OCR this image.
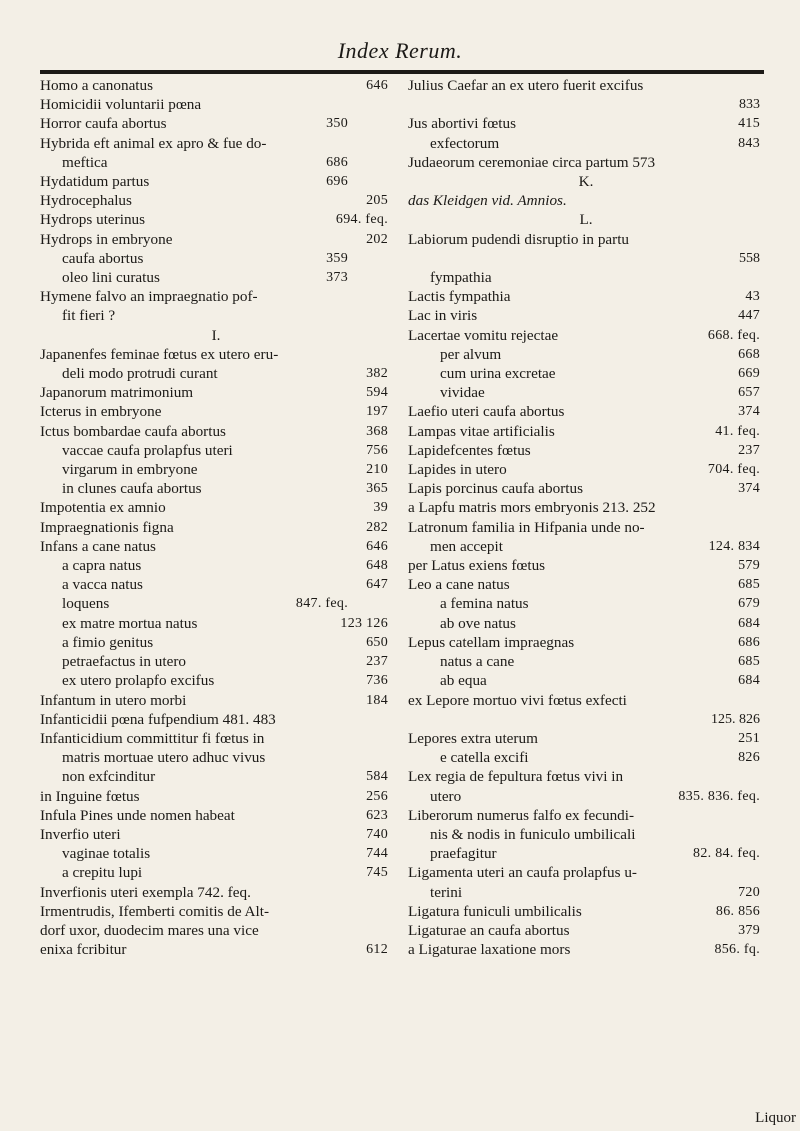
Index Rerum.
Homo a canonatus	646
Homicidii voluntarii pœna
Horror caufa abortus	350
Hybrida eft animal ex apro & fue do-
meftica	686
Hydatidum partus	696
Hydrocephalus	205
Hydrops uterinus	694. feq.
Hydrops in embryone	202
caufa abortus	359
oleo lini curatus	373
Hymene falvo an impraegnatio pof-
fit fieri ?
I.
Japanenfes feminae fœtus ex utero eru-
deli modo protrudi curant	382
Japanorum matrimonium	594
Icterus in embryone	197
Ictus bombardae caufa abortus	368
vaccae caufa prolapfus uteri	756
virgarum in embryone	210
in clunes caufa abortus	365
Impotentia ex amnio	39
Impraegnationis figna	282
Infans a cane natus	646
a capra natus	648
a vacca natus	647
loquens	847. feq.
ex matre mortua natus	123 126
a fimio genitus	650
petraefactus in utero	237
ex utero prolapfo excifus	736
Infantum in utero morbi	184
Infanticidii pœna fufpendium 481. 483
Infanticidium committitur fi fœtus in
matris mortuae utero adhuc vivus
non exfcinditur	584
in Inguine fœtus	256
Infula Pines unde nomen habeat	623
Inverfio uteri	740
vaginae totalis	744
a crepitu lupi	745
Inverfionis uteri exempla 742. feq.
Irmentrudis, Ifemberti comitis de Alt-
dorf uxor, duodecim mares una vice
enixa fcribitur	612
Julius Caefar an ex utero fuerit excifus
833
Jus abortivi fœtus	415
exfectorum	843
Judaeorum ceremoniae circa partum 573
K.
das Kleidgen vid. Amnios.
L.
Labiorum pudendi disruptio in partu
558
fympathia
Lactis fympathia	43
Lac in viris	447
Lacertae vomitu rejectae	668. feq.
per alvum	668
cum urina excretae	669
vividae	657
Laefio uteri caufa abortus	374
Lampas vitae artificialis	41. feq.
Lapidefcentes fœtus	237
Lapides in utero	704. feq.
Lapis porcinus caufa abortus	374
a Lapfu matris mors embryonis 213. 252
Latronum familia in Hifpania unde no-
men accepit	124. 834
per Latus exiens fœtus	579
Leo a cane natus	685
a femina natus	679
ab ove natus	684
Lepus catellam impraegnas	686
natus a cane	685
ab equa	684
ex Lepore mortuo vivi fœtus exfecti
125. 826
Lepores extra uterum	251
e catella excifi	826
Lex regia de fepultura fœtus vivi in
utero	835. 836. feq.
Liberorum numerus falfo ex fecundi-
nis & nodis in funiculo umbilicali
praefagitur	82. 84. feq.
Ligamenta uteri an caufa prolapfus u-
terini	720
Ligatura funiculi umbilicalis	86. 856
Ligaturae an caufa abortus	379
a Ligaturae laxatione mors	856. fq.
Liquor
